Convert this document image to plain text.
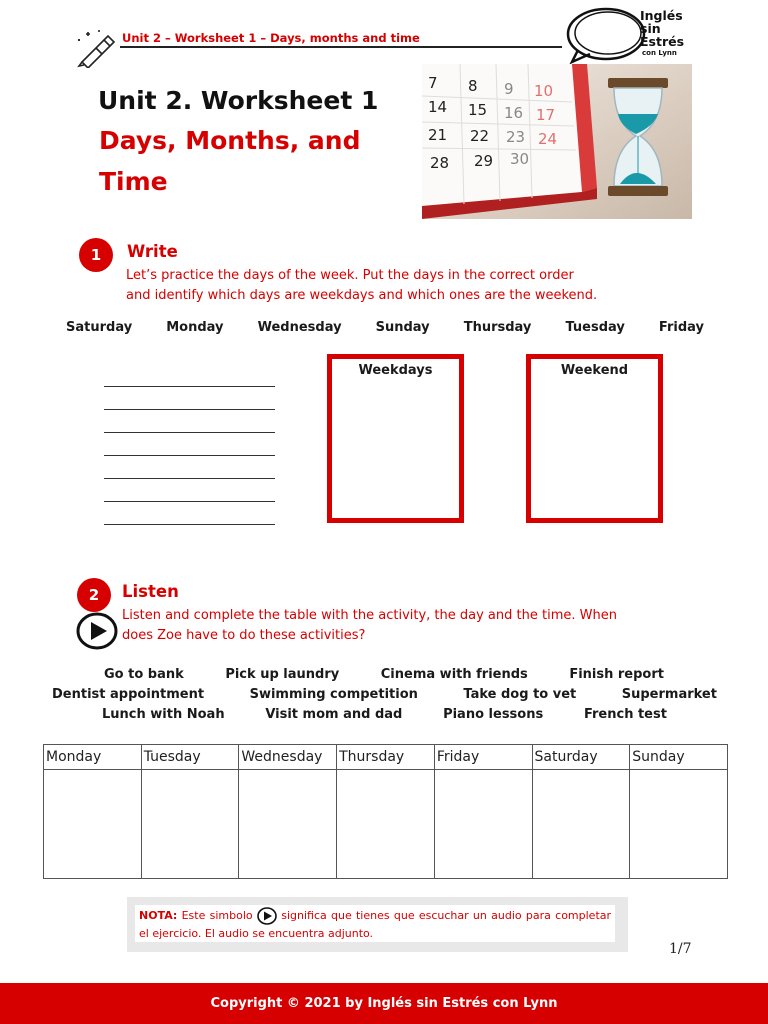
Unit 2 – Worksheet 1 – Days, months and time
Inglés
sin
Estrés
con Lynn
Unit 2. Worksheet 1
Days, Months, and Time
7 8 9 10
14 15 16 17
21 22 23 24
28 29 30
1	Write
Let’s practice the days of the week. Put the days in the correct order
and identify which days are weekdays and which ones are the weekend.
Saturday	Monday	Wednesday	Sunday	Thursday	Tuesday	Friday
Weekdays	Weekend
2	Listen
Listen and complete the table with the activity, the day and the time. When
does Zoe have to do these activities?
Go to bank	Pick up laundry	Cinema with friends	Finish report
Dentist appointment	Swimming competition	Take dog to vet	Supermarket
Lunch with Noah	Visit mom and dad	Piano lessons	French test
Monday	Tuesday	Wednesday	Thursday	Friday	Saturday	Sunday

NOTA: Este simbolo	significa que tienes que escuchar un audio para completar el ejercicio. El audio se encuentra adjunto.
1/7
Copyright © 2021 by Inglés sin Estrés con Lynn
